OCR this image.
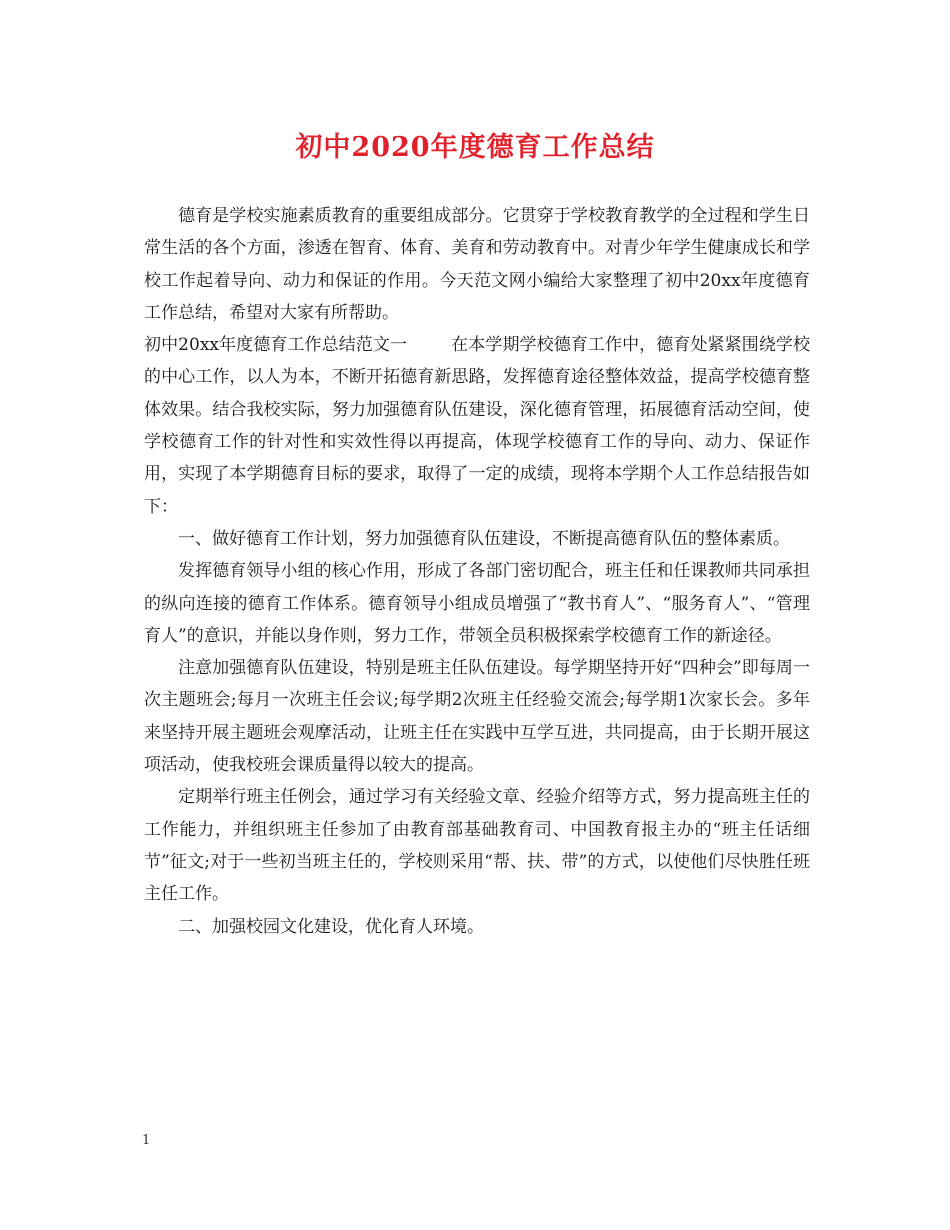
初中2020年度德育工作总结

德育是学校实施素质教育的重要组成部分。它贯穿于学校教育教学的全过程和学生日常生活的各个方面，渗透在智育、体育、美育和劳动教育中。对青少年学生健康成长和学校工作起着导向、动力和保证的作用。今天范文网小编给大家整理了初中20xx年度德育工作总结，希望对大家有所帮助。

初中20xx年度德育工作总结范文一	在本学期学校德育工作中，德育处紧紧围绕学校的中心工作，以人为本，不断开拓德育新思路，发挥德育途径整体效益，提高学校德育整体效果。结合我校实际，努力加强德育队伍建设，深化德育管理，拓展德育活动空间，使学校德育工作的针对性和实效性得以再提高，体现学校德育工作的导向、动力、保证作用，实现了本学期德育目标的要求，取得了一定的成绩，现将本学期个人工作总结报告如下：

一、做好德育工作计划，努力加强德育队伍建设，不断提高德育队伍的整体素质。

发挥德育领导小组的核心作用，形成了各部门密切配合，班主任和任课教师共同承担的纵向连接的德育工作体系。德育领导小组成员增强了“教书育人”、“服务育人”、“管理育人”的意识，并能以身作则，努力工作，带领全员积极探索学校德育工作的新途径。

注意加强德育队伍建设，特别是班主任队伍建设。每学期坚持开好“四种会”即每周一次主题班会;每月一次班主任会议;每学期2次班主任经验交流会;每学期1次家长会。多年来坚持开展主题班会观摩活动，让班主任在实践中互学互进，共同提高，由于长期开展这项活动，使我校班会课质量得以较大的提高。

定期举行班主任例会，通过学习有关经验文章、经验介绍等方式，努力提高班主任的工作能力，并组织班主任参加了由教育部基础教育司、中国教育报主办的“班主任话细节”征文;对于一些初当班主任的，学校则采用“帮、扶、带”的方式，以使他们尽快胜任班主任工作。

二、加强校园文化建设，优化育人环境。

1
